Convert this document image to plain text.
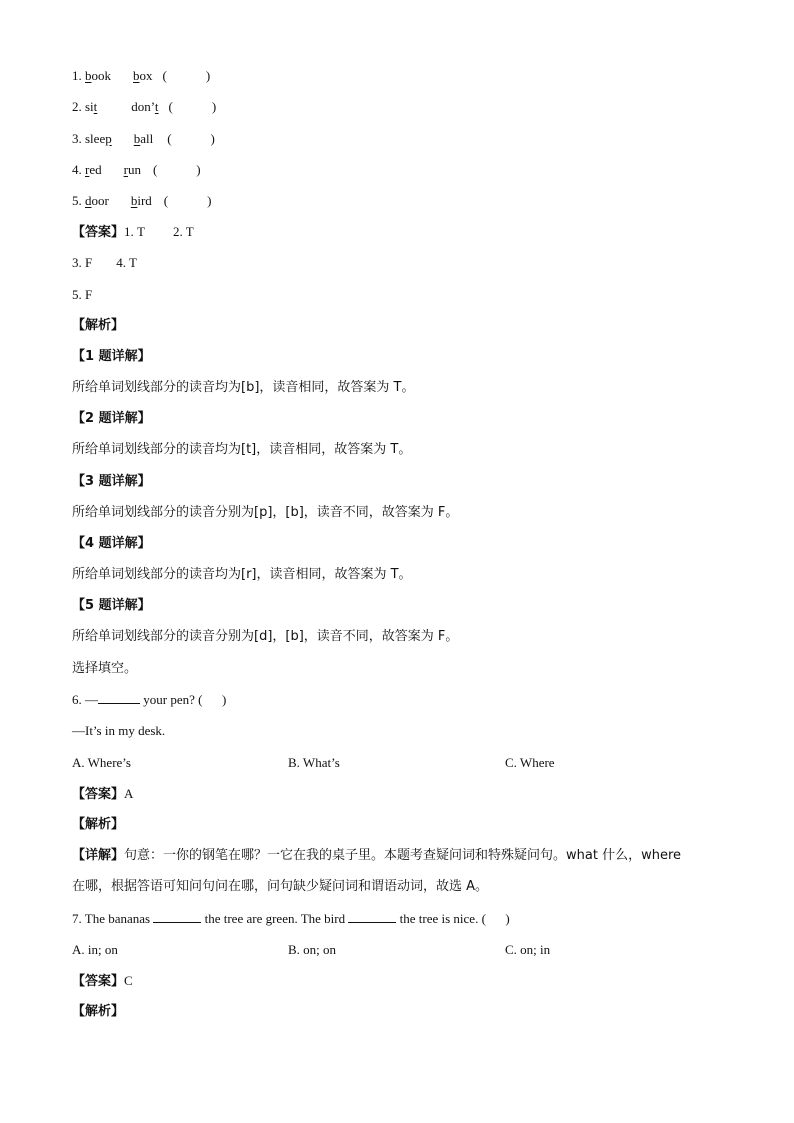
1. book box (            )
2. sit	don’t (            )
3. sleep ball (            )
4. red run (            )
5. door bird (            )
【答案】1. T 2. T
3. F 4. T
5. F
【解析】
【1 题详解】
所给单词划线部分的读音均为[b]，读音相同，故答案为 T。
【2 题详解】
所给单词划线部分的读音均为[t]，读音相同，故答案为 T。
【3 题详解】
所给单词划线部分的读音分别为[p]，[b]，读音不同，故答案为 F。
【4 题详解】
所给单词划线部分的读音均为[r]，读音相同，故答案为 T。
【5 题详解】
所给单词划线部分的读音分别为[d]，[b]，读音不同，故答案为 F。
选择填空。
6. —	your pen? (      )
—It’s in my desk.
A. Where’s	B. What’s	C. Where
【答案】A
【解析】
【详解】句意：一你的钢笔在哪？一它在我的桌子里。本题考查疑问词和特殊疑问句。what 什么，where
在哪，根据答语可知问句问在哪，问句缺少疑问词和谓语动词，故选 A。
7. The bananas	the tree are green. The bird	the tree is nice. (      )
A. in; on	B. on; on	C. on; in
【答案】C
【解析】
